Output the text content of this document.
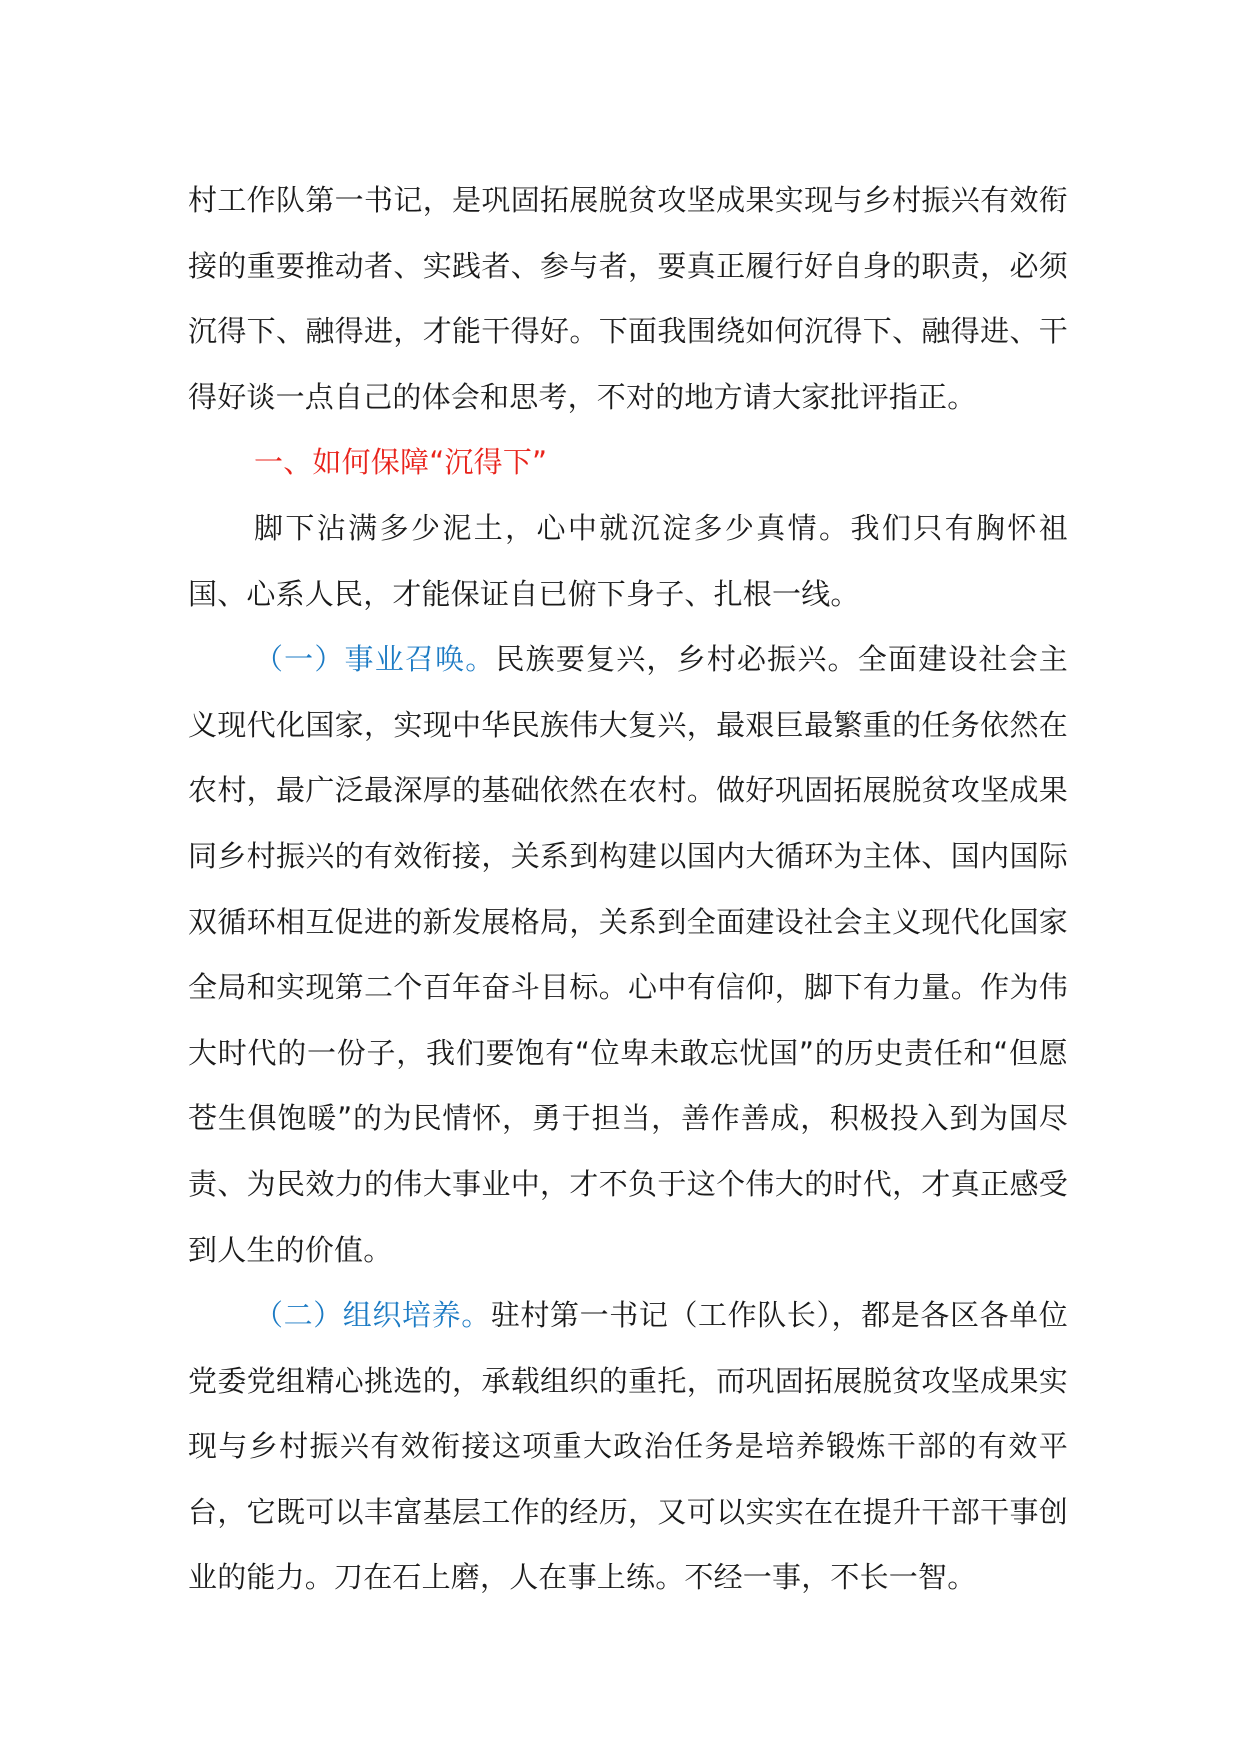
村工作队第一书记，是巩固拓展脱贫攻坚成果实现与乡村振兴有效衔接的重要推动者、实践者、参与者，要真正履行好自身的职责，必须沉得下、融得进，才能干得好。下面我围绕如何沉得下、融得进、干得好谈一点自己的体会和思考，不对的地方请大家批评指正。

一、如何保障“沉得下”

脚下沾满多少泥土，心中就沉淀多少真情。我们只有胸怀祖国、心系人民，才能保证自已俯下身子、扎根一线。

（一）事业召唤。民族要复兴，乡村必振兴。全面建设社会主义现代化国家，实现中华民族伟大复兴，最艰巨最繁重的任务依然在农村，最广泛最深厚的基础依然在农村。做好巩固拓展脱贫攻坚成果同乡村振兴的有效衔接，关系到构建以国内大循环为主体、国内国际双循环相互促进的新发展格局，关系到全面建设社会主义现代化国家全局和实现第二个百年奋斗目标。心中有信仰，脚下有力量。作为伟大时代的一份子，我们要饱有“位卑未敢忘忧国”的历史责任和“但愿苍生俱饱暖”的为民情怀，勇于担当，善作善成，积极投入到为国尽责、为民效力的伟大事业中，才不负于这个伟大的时代，才真正感受到人生的价值。

（二）组织培养。驻村第一书记（工作队长），都是各区各单位党委党组精心挑选的，承载组织的重托，而巩固拓展脱贫攻坚成果实现与乡村振兴有效衔接这项重大政治任务是培养锻炼干部的有效平台，它既可以丰富基层工作的经历，又可以实实在在提升干部干事创业的能力。刀在石上磨，人在事上练。不经一事，不长一智。
